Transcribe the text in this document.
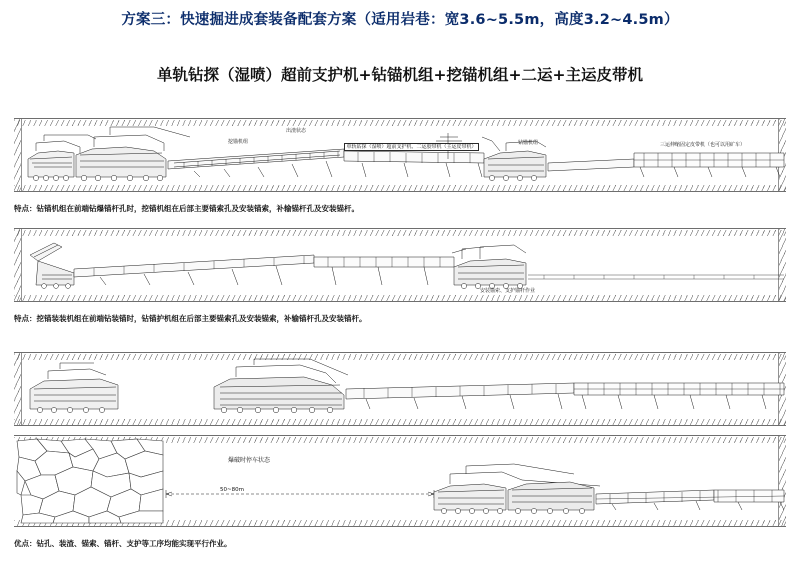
方案三：快速掘进成套装备配套方案（适用岩巷：宽3.6~5.5m，高度3.2~4.5m）
单轨钻探（湿喷）超前支护机+钻锚机组+挖锚机组+二运+主运皮带机
出渣状态
单轨钻探（湿喷）超前支护机、二运胶带机（主运皮带机）
挖锚机组	钻锚机组	三运伸缩固定皮带机（也可以用矿车）
特点：钻锚机组在前端钻爆锚杆孔时，挖锚机组在后部主要锚索孔及安装锚索，补输锚杆孔及安装锚杆。
安装锚索、支护锚杆作业
特点：挖锚装装机组在前端钻装锚时，钻锚护机组在后部主要锚索孔及安装锚索，补输锚杆孔及安装锚杆。
爆破时停车状态
50~80m
优点：钻孔、装渣、锚索、锚杆、支护等工序均能实现平行作业。
